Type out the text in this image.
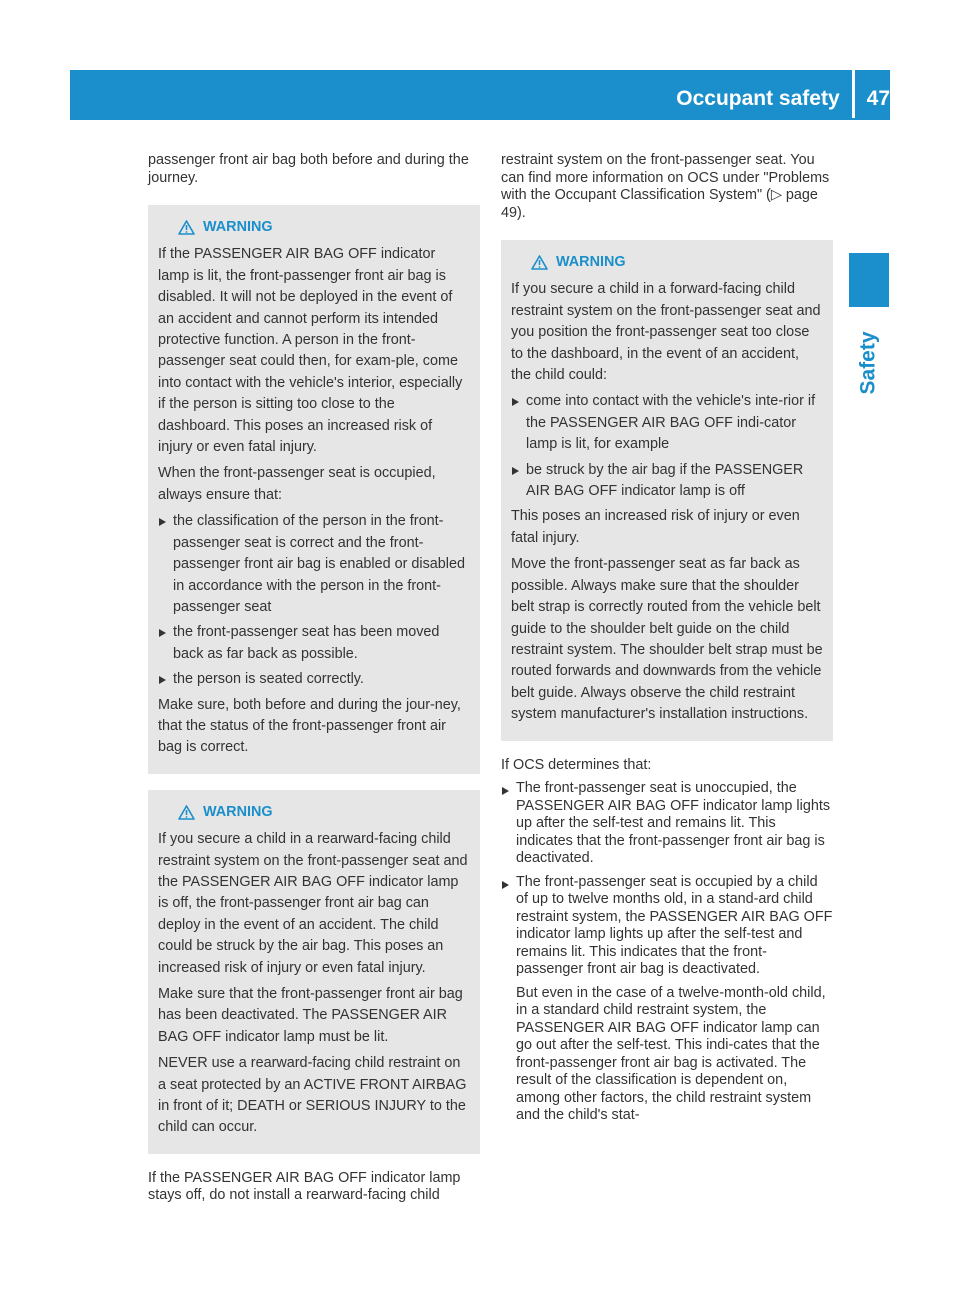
Occupant safety 47
Safety

passenger front air bag both before and during the journey.

WARNING

If the PASSENGER AIR BAG OFF indicator lamp is lit, the front-passenger front air bag is disabled. It will not be deployed in the event of an accident and cannot perform its intended protective function. A person in the front-passenger seat could then, for exam-ple, come into contact with the vehicle's interior, especially if the person is sitting too close to the dashboard. This poses an increased risk of injury or even fatal injury.

When the front-passenger seat is occupied, always ensure that:

the classification of the person in the front-passenger seat is correct and the front-passenger front air bag is enabled or disabled in accordance with the person in the front-passenger seat

the front-passenger seat has been moved back as far back as possible.

the person is seated correctly.

Make sure, both before and during the jour-ney, that the status of the front-passenger front air bag is correct.

WARNING

If you secure a child in a rearward-facing child restraint system on the front-passenger seat and the PASSENGER AIR BAG OFF indicator lamp is off, the front-passenger front air bag can deploy in the event of an accident. The child could be struck by the air bag. This poses an increased risk of injury or even fatal injury.

Make sure that the front-passenger front air bag has been deactivated. The PASSENGER AIR BAG OFF indicator lamp must be lit.

NEVER use a rearward-facing child restraint on a seat protected by an ACTIVE FRONT AIRBAG in front of it; DEATH or SERIOUS INJURY to the child can occur.

If the PASSENGER AIR BAG OFF indicator lamp stays off, do not install a rearward-facing child

restraint system on the front-passenger seat. You can find more information on OCS under "Problems with the Occupant Classification System" (▷ page 49).

WARNING

If you secure a child in a forward-facing child restraint system on the front-passenger seat and you position the front-passenger seat too close to the dashboard, in the event of an accident, the child could:

come into contact with the vehicle's inte-rior if the PASSENGER AIR BAG OFF indi-cator lamp is lit, for example

be struck by the air bag if the PASSENGER AIR BAG OFF indicator lamp is off

This poses an increased risk of injury or even fatal injury.

Move the front-passenger seat as far back as possible. Always make sure that the shoulder belt strap is correctly routed from the vehicle belt guide to the shoulder belt guide on the child restraint system. The shoulder belt strap must be routed forwards and downwards from the vehicle belt guide. Always observe the child restraint system manufacturer's installation instructions.

If OCS determines that:

The front-passenger seat is unoccupied, the PASSENGER AIR BAG OFF indicator lamp lights up after the self-test and remains lit. This indicates that the front-passenger front air bag is deactivated.

The front-passenger seat is occupied by a child of up to twelve months old, in a stand-ard child restraint system, the PASSENGER AIR BAG OFF indicator lamp lights up after the self-test and remains lit. This indicates that the front-passenger front air bag is deactivated.

But even in the case of a twelve-month-old child, in a standard child restraint system, the PASSENGER AIR BAG OFF indicator lamp can go out after the self-test. This indi-cates that the front-passenger front air bag is activated. The result of the classification is dependent on, among other factors, the child restraint system and the child's stat-
